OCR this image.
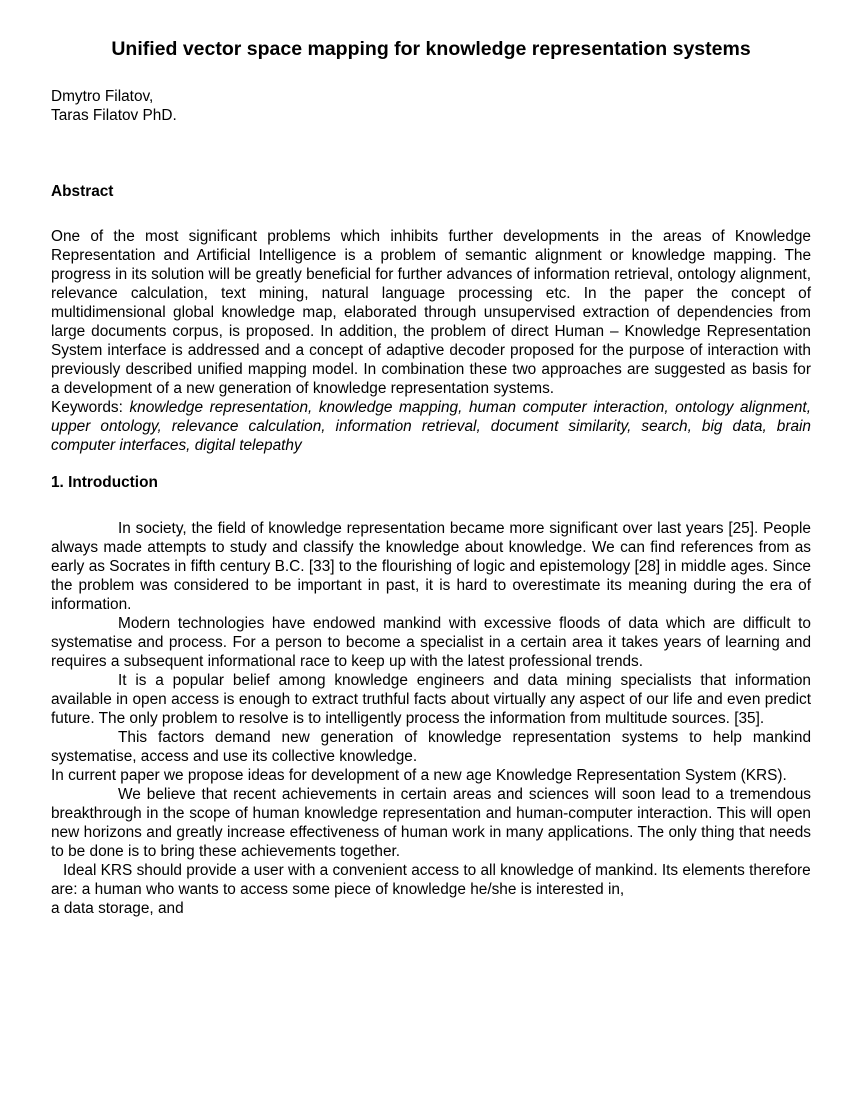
Unified vector space mapping for knowledge representation systems
Dmytro Filatov,
Taras Filatov PhD.
Abstract

One of the most significant problems which inhibits further developments in the areas of Knowledge Representation and Artificial Intelligence is a problem of semantic alignment or knowledge mapping. The progress in its solution will be greatly beneficial for further advances of information retrieval, ontology alignment, relevance calculation, text mining, natural language processing etc. In the paper the concept of multidimensional global knowledge map, elaborated through unsupervised extraction of dependencies from large documents corpus, is proposed. In addition, the problem of direct Human – Knowledge Representation System interface is addressed and a concept of adaptive decoder proposed for the purpose of interaction with previously described unified mapping model. In combination these two approaches are suggested as basis for a development of a new generation of knowledge representation systems.

Keywords: knowledge representation, knowledge mapping, human computer interaction, ontology alignment, upper ontology, relevance calculation, information retrieval, document similarity, search, big data, brain computer interfaces, digital telepathy

1. Introduction

In society, the field of knowledge representation became more significant over last years [25]. People always made attempts to study and classify the knowledge about knowledge. We can find references from as early as Socrates in fifth century B.C. [33] to the flourishing of logic and epistemology [28] in middle ages. Since the problem was considered to be important in past, it is hard to overestimate its meaning during the era of information.

Modern technologies have endowed mankind with excessive floods of data which are difficult to systematise and process. For a person to become a specialist in a certain area it takes years of learning and requires a subsequent informational race to keep up with the latest professional trends.

It is a popular belief among knowledge engineers and data mining specialists that information available in open access is enough to extract truthful facts about virtually any aspect of our life and even predict future. The only problem to resolve is to intelligently process the information from multitude sources. [35].

This factors demand new generation of knowledge representation systems to help mankind systematise, access and use its collective knowledge.

In current paper we propose ideas for development of a new age Knowledge Representation System (KRS).

We believe that recent achievements in certain areas and sciences will soon lead to a tremendous breakthrough in the scope of human knowledge representation and human-computer interaction. This will open new horizons and greatly increase effectiveness of human work in many applications. The only thing that needs to be done is to bring these achievements together.

Ideal KRS should provide a user with a convenient access to all knowledge of mankind. Its elements therefore are: a human who wants to access some piece of knowledge he/she is interested in,

a data storage, and
